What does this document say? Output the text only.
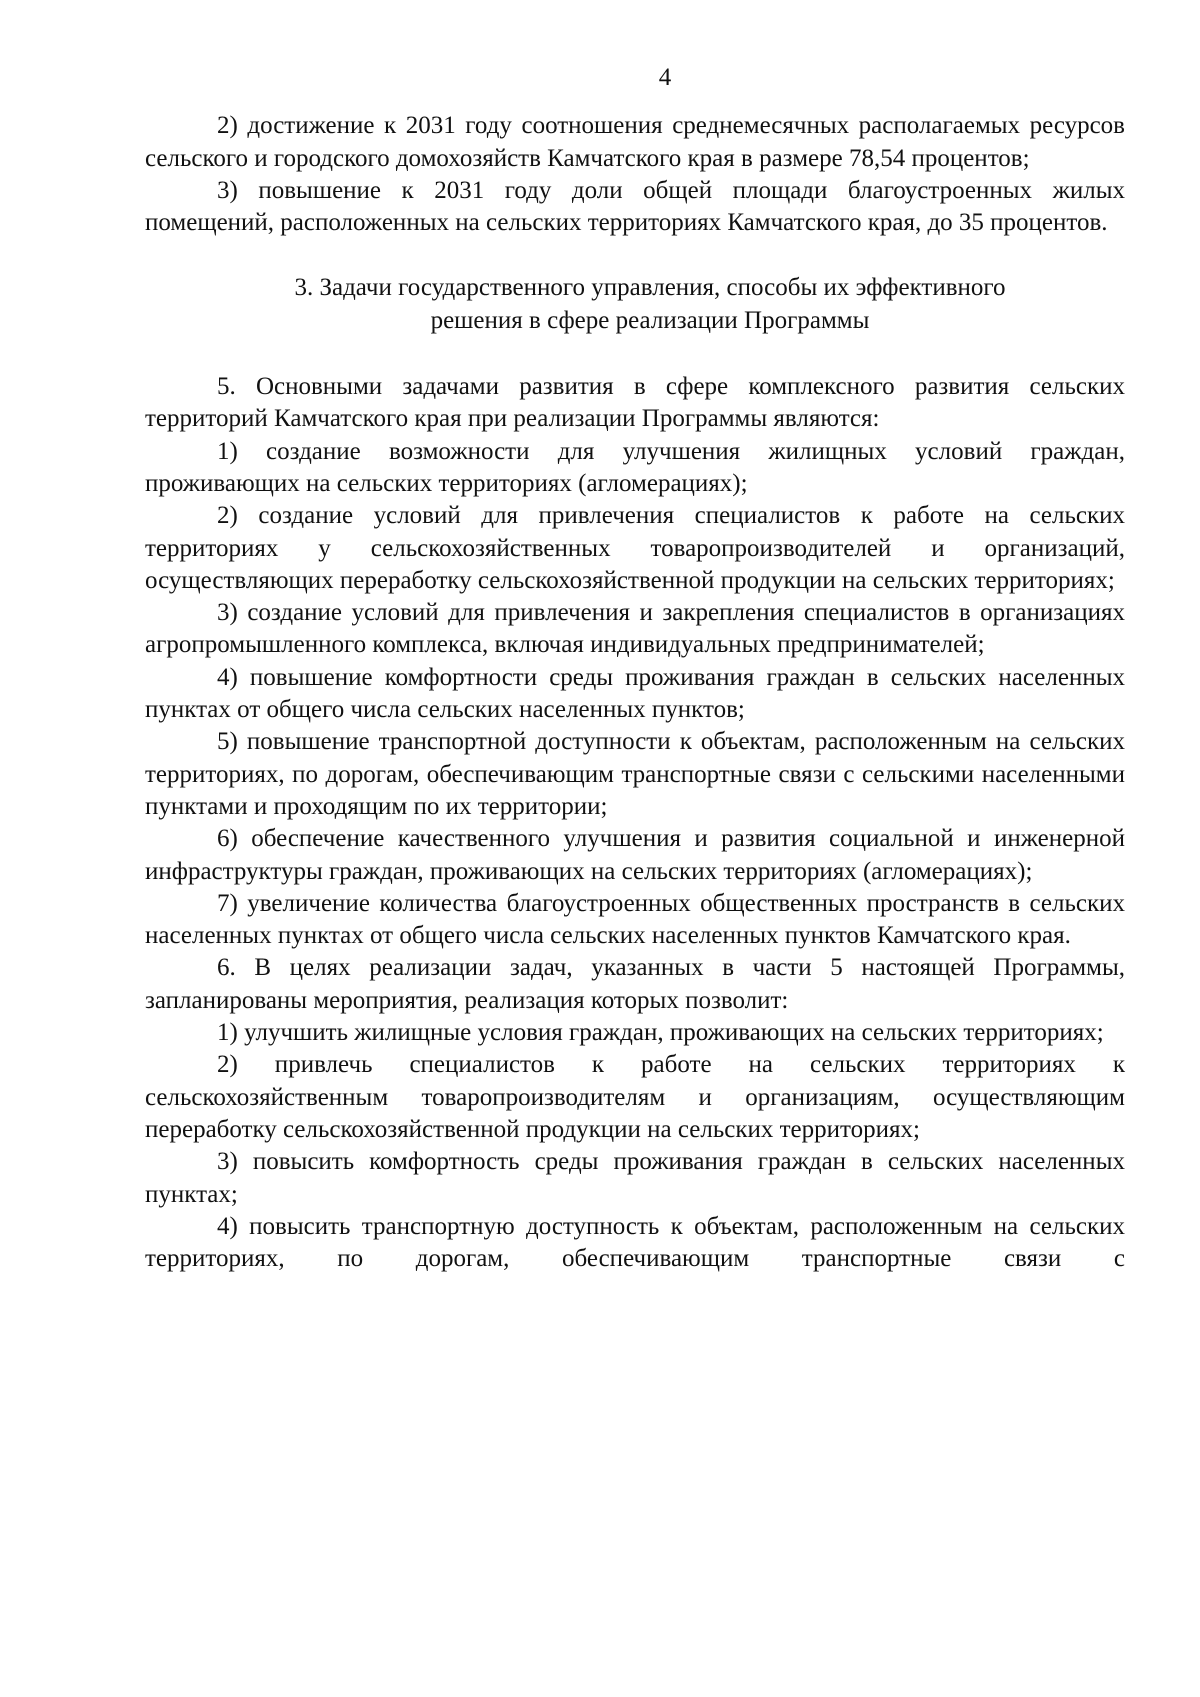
4

2) достижение к 2031 году соотношения среднемесячных располагаемых ресурсов сельского и городского домохозяйств Камчатского края в размере 78,54 процентов;

3) повышение к 2031 году доли общей площади благоустроенных жилых помещений, расположенных на сельских территориях Камчатского края, до 35 процентов.

3. Задачи государственного управления, способы их эффективного
решения в сфере реализации Программы

5. Основными задачами развития в сфере комплексного развития сельских территорий Камчатского края при реализации Программы являются:

1) создание возможности для улучшения жилищных условий граждан, проживающих на сельских территориях (агломерациях);

2) создание условий для привлечения специалистов к работе на сельских территориях у сельскохозяйственных товаропроизводителей и организаций, осуществляющих переработку сельскохозяйственной продукции на сельских территориях;

3) создание условий для привлечения и закрепления специалистов в организациях агропромышленного комплекса, включая индивидуальных предпринимателей;

4) повышение комфортности среды проживания граждан в сельских населенных пунктах от общего числа сельских населенных пунктов;

5) повышение транспортной доступности к объектам, расположенным на сельских территориях, по дорогам, обеспечивающим транспортные связи с сельскими населенными пунктами и проходящим по их территории;

6) обеспечение качественного улучшения и развития социальной и инженерной инфраструктуры граждан, проживающих на сельских территориях (агломерациях);

7) увеличение количества благоустроенных общественных пространств в сельских населенных пунктах от общего числа сельских населенных пунктов Камчатского края.

6. В целях реализации задач, указанных в части 5 настоящей Программы, запланированы мероприятия, реализация которых позволит:

1) улучшить жилищные условия граждан, проживающих на сельских территориях;

2) привлечь специалистов к работе на сельских территориях к сельскохозяйственным товаропроизводителям и организациям, осуществляющим переработку сельскохозяйственной продукции на сельских территориях;

3) повысить комфортность среды проживания граждан в сельских населенных пунктах;

4) повысить транспортную доступность к объектам, расположенным на сельских территориях, по дорогам, обеспечивающим транспортные связи с
